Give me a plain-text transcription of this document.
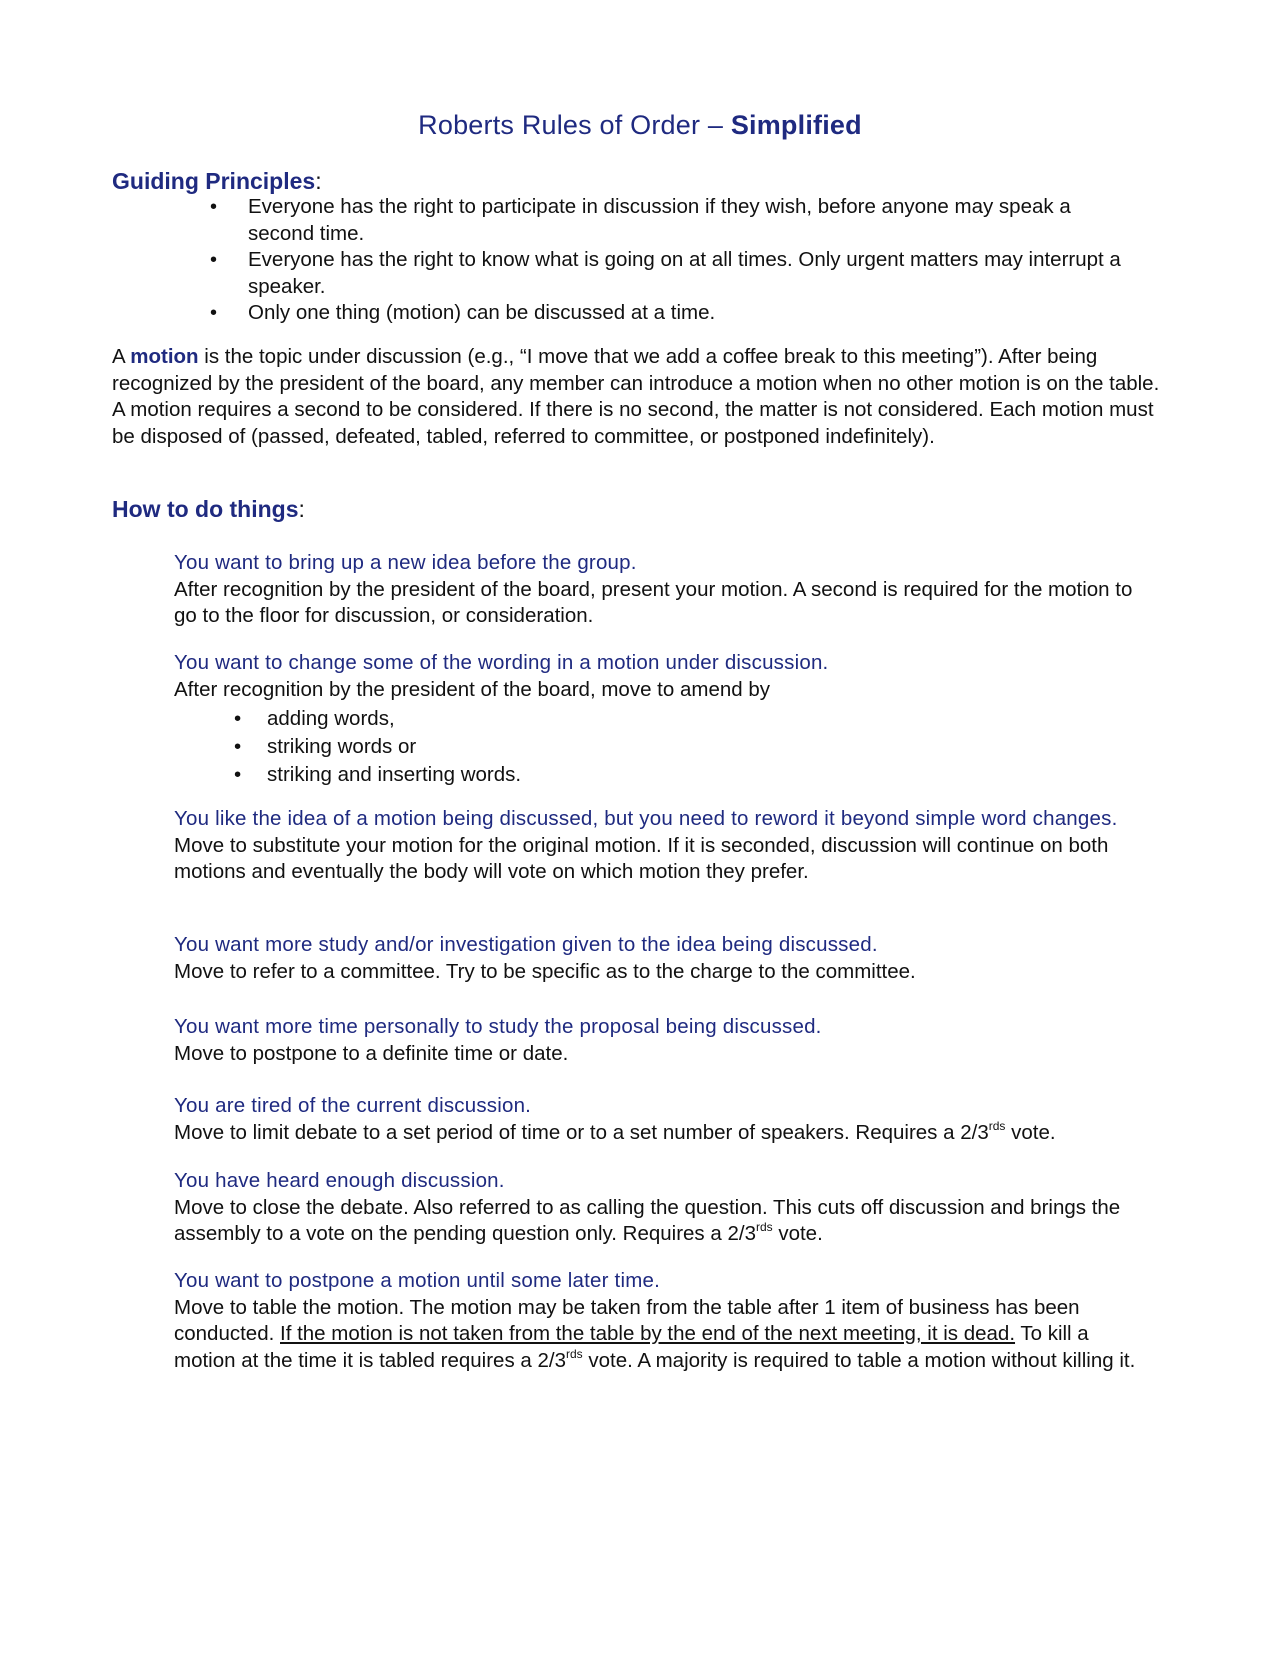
Roberts Rules of Order – Simplified
Guiding Principles:
• Everyone has the right to participate in discussion if they wish, before anyone may speak a second time.
• Everyone has the right to know what is going on at all times. Only urgent matters may interrupt a speaker.
• Only one thing (motion) can be discussed at a time.
A motion is the topic under discussion (e.g., “I move that we add a coffee break to this meeting”). After being recognized by the president of the board, any member can introduce a motion when no other motion is on the table. A motion requires a second to be considered. If there is no second, the matter is not considered. Each motion must be disposed of (passed, defeated, tabled, referred to committee, or postponed indefinitely).
How to do things:
You want to bring up a new idea before the group.
After recognition by the president of the board, present your motion. A second is required for the motion to go to the floor for discussion, or consideration.
You want to change some of the wording in a motion under discussion.
After recognition by the president of the board, move to amend by
• adding words,
• striking words or
• striking and inserting words.
You like the idea of a motion being discussed, but you need to reword it beyond simple word changes.
Move to substitute your motion for the original motion. If it is seconded, discussion will continue on both motions and eventually the body will vote on which motion they prefer.
You want more study and/or investigation given to the idea being discussed.
Move to refer to a committee. Try to be specific as to the charge to the committee.
You want more time personally to study the proposal being discussed.
Move to postpone to a definite time or date.
You are tired of the current discussion.
Move to limit debate to a set period of time or to a set number of speakers. Requires a $2/3^{rds}$ vote.
You have heard enough discussion.
Move to close the debate. Also referred to as calling the question. This cuts off discussion and brings the assembly to a vote on the pending question only. Requires a $2/3^{rds}$ vote.
You want to postpone a motion until some later time.
Move to table the motion. The motion may be taken from the table after 1 item of business has been conducted. If the motion is not taken from the table by the end of the next meeting, it is dead. To kill a motion at the time it is tabled requires a $2/3^{rds}$ vote. A majority is required to table a motion without killing it.
